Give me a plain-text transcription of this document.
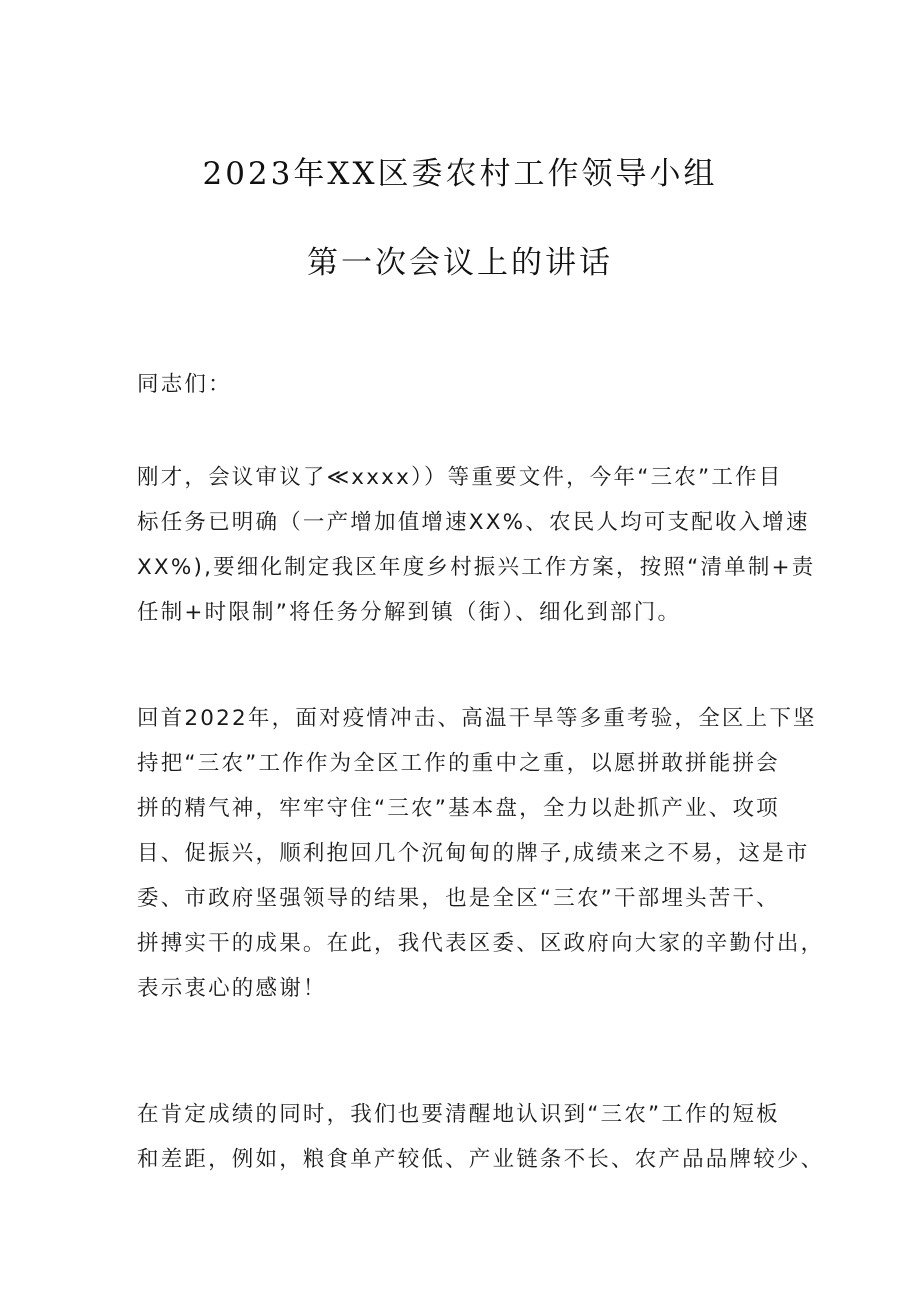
2023年XX区委农村工作领导小组
第一次会议上的讲话
同志们：
刚才，会议审议了≪xxxx））等重要文件，今年“三农”工作目
标任务已明确（一产增加值增速XX%、农民人均可支配收入增速
XX%),要细化制定我区年度乡村振兴工作方案，按照“清单制+责
任制+时限制”将任务分解到镇（街）、细化到部门。
回首2022年，面对疫情冲击、高温干旱等多重考验，全区上下坚
持把“三农”工作作为全区工作的重中之重，以愿拼敢拼能拼会
拼的精气神，牢牢守住“三农”基本盘，全力以赴抓产业、攻项
目、促振兴，顺利抱回几个沉甸甸的牌子,成绩来之不易，这是市
委、市政府坚强领导的结果，也是全区“三农”干部埋头苦干、
拼搏实干的成果。在此，我代表区委、区政府向大家的辛勤付出，
表示衷心的感谢！
在肯定成绩的同时，我们也要清醒地认识到“三农”工作的短板
和差距，例如，粮食单产较低、产业链条不长、农产品品牌较少、
